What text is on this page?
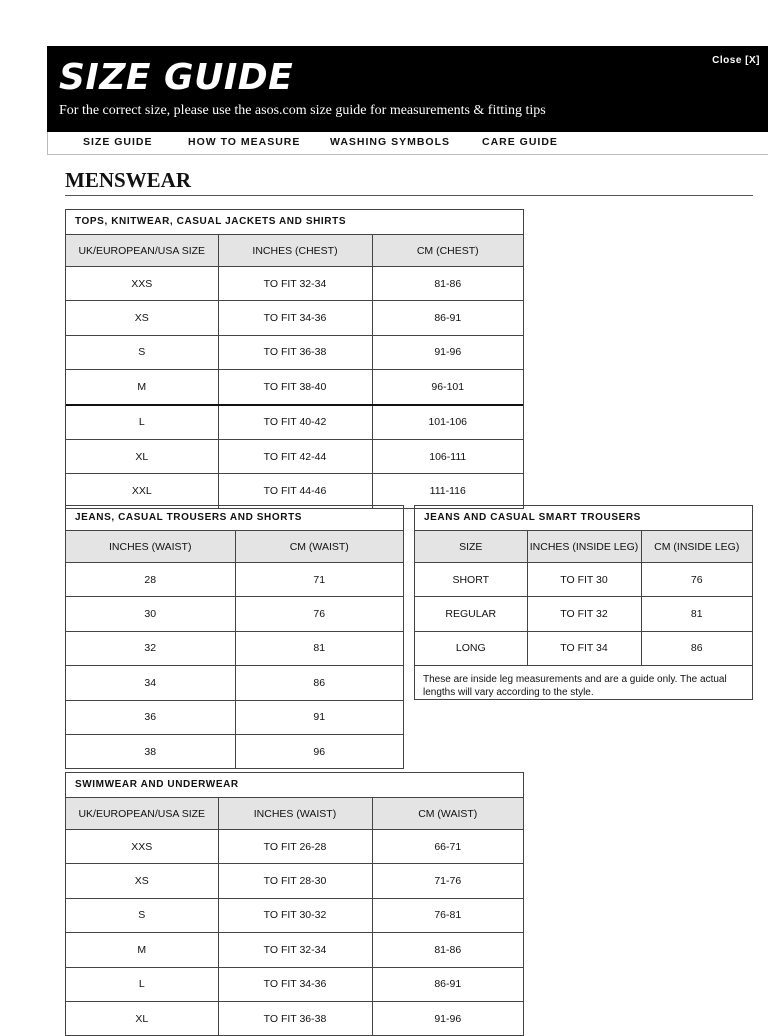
SIZE GUIDE
For the correct size, please use the asos.com size guide for measurements & fitting tips
Close [X]
SIZE GUIDE	HOW TO MEASURE	WASHING SYMBOLS	CARE GUIDE
MENSWEAR
TOPS, KNITWEAR, CASUAL JACKETS AND SHIRTS
UK/EUROPEAN/USA SIZE	INCHES (CHEST)	CM (CHEST)
XXS	TO FIT 32-34	81-86
XS	TO FIT 34-36	86-91
S	TO FIT 36-38	91-96
M	TO FIT 38-40	96-101
L	TO FIT 40-42	101-106
XL	TO FIT 42-44	106-111
XXL	TO FIT 44-46	111-116
JEANS, CASUAL TROUSERS AND SHORTS
INCHES (WAIST)	CM (WAIST)
28	71
30	76
32	81
34	86
36	91
38	96
JEANS AND CASUAL SMART TROUSERS
SIZE	INCHES (INSIDE LEG)	CM (INSIDE LEG)
SHORT	TO FIT 30	76
REGULAR	TO FIT 32	81
LONG	TO FIT 34	86
These are inside leg measurements and are a guide only. The actual lengths will vary according to the style.
SWIMWEAR AND UNDERWEAR
UK/EUROPEAN/USA SIZE	INCHES (WAIST)	CM (WAIST)
XXS	TO FIT 26-28	66-71
XS	TO FIT 28-30	71-76
S	TO FIT 30-32	76-81
M	TO FIT 32-34	81-86
L	TO FIT 34-36	86-91
XL	TO FIT 36-38	91-96
